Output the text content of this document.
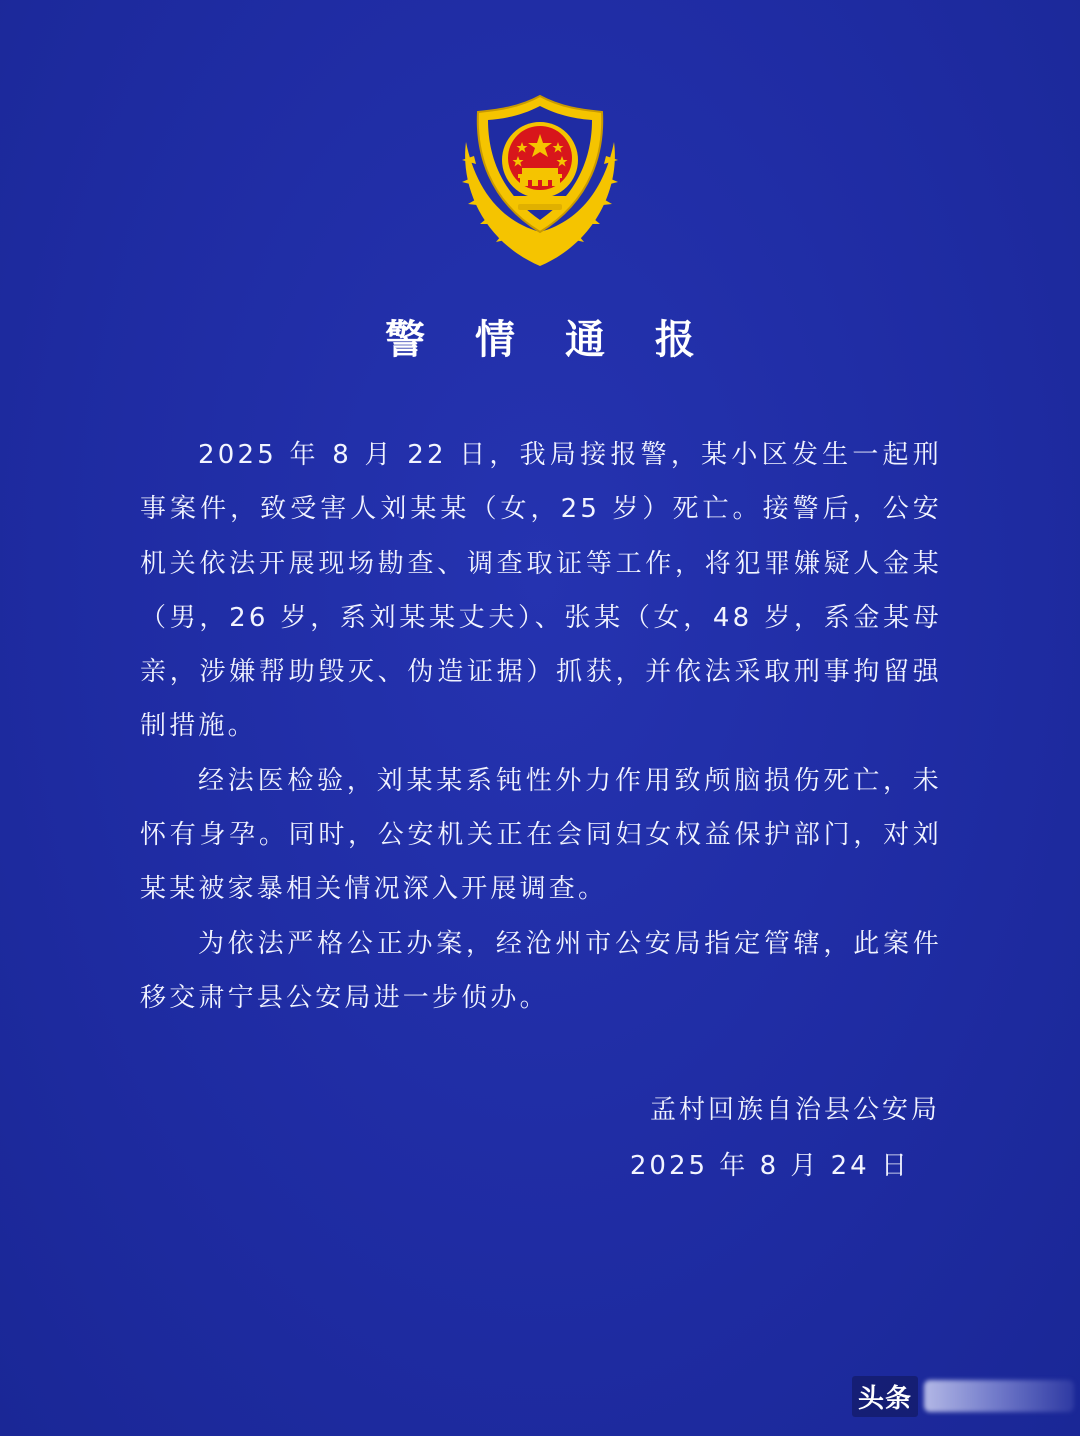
警 情 通 报

2025 年 8 月 22 日，我局接报警，某小区发生一起刑事案件，致受害人刘某某（女，25 岁）死亡。接警后，公安机关依法开展现场勘查、调查取证等工作，将犯罪嫌疑人金某（男，26 岁，系刘某某丈夫）、张某（女，48 岁，系金某母亲，涉嫌帮助毁灭、伪造证据）抓获，并依法采取刑事拘留强制措施。

经法医检验，刘某某系钝性外力作用致颅脑损伤死亡，未怀有身孕。同时，公安机关正在会同妇女权益保护部门，对刘某某被家暴相关情况深入开展调查。

为依法严格公正办案，经沧州市公安局指定管辖，此案件移交肃宁县公安局进一步侦办。

孟村回族自治县公安局
2025 年 8 月 24 日
头条
